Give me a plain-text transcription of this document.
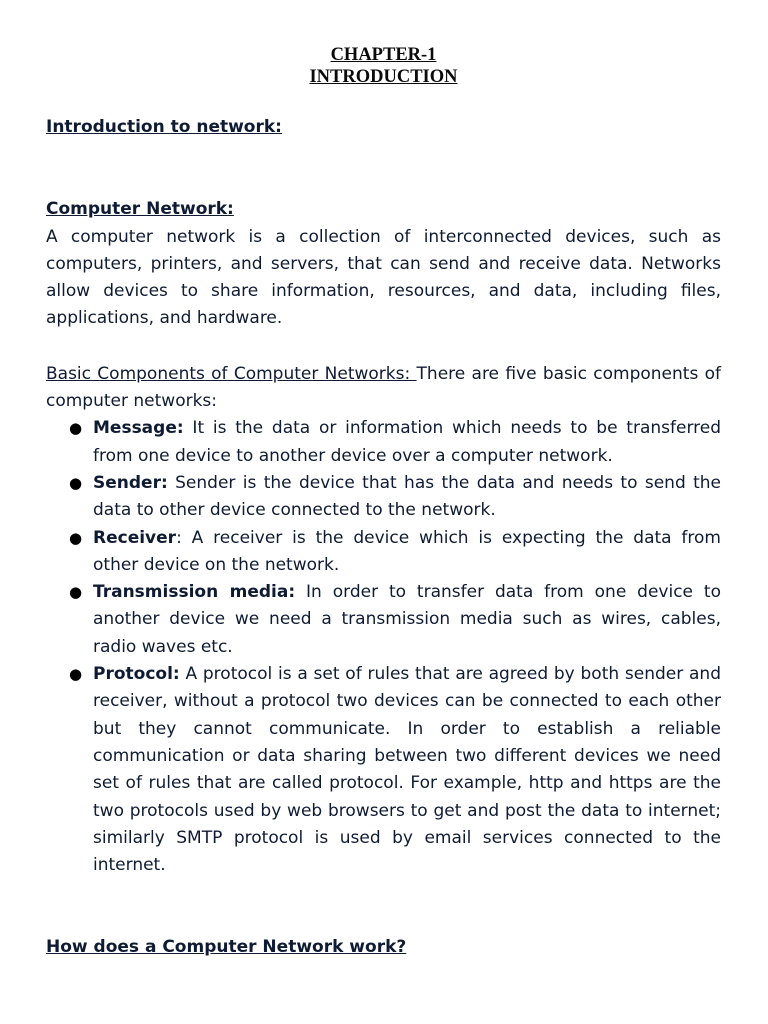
CHAPTER-1
INTRODUCTION
Introduction to network:
Computer Network:

A computer network is a collection of interconnected devices, such as computers, printers, and servers, that can send and receive data. Networks allow devices to share information, resources, and data, including files, applications, and hardware.

Basic Components of Computer Networks: There are five basic components of computer networks:

● Message: It is the data or information which needs to be transferred from one device to another device over a computer network.
● Sender: Sender is the device that has the data and needs to send the data to other device connected to the network.
● Receiver: A receiver is the device which is expecting the data from other device on the network.
● Transmission media: In order to transfer data from one device to another device we need a transmission media such as wires, cables, radio waves etc.
● Protocol: A protocol is a set of rules that are agreed by both sender and receiver, without a protocol two devices can be connected to each other but they cannot communicate. In order to establish a reliable communication or data sharing between two different devices we need set of rules that are called protocol. For example, http and https are the two protocols used by web browsers to get and post the data to internet; similarly SMTP protocol is used by email services connected to the internet.
How does a Computer Network work?
